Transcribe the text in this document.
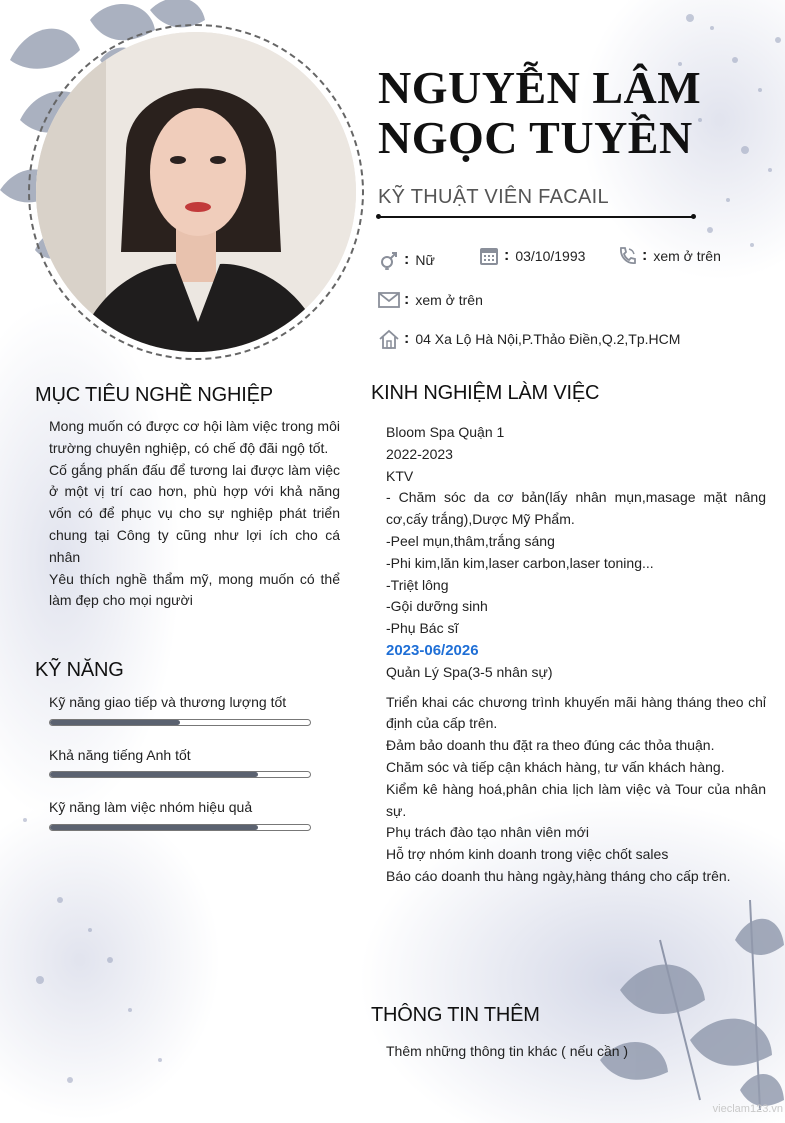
NGUYỄN LÂM
NGỌC TUYỀN
KỸ THUẬT VIÊN FACAIL
: Nữ	: 03/10/1993	: xem ở trên
: xem ở trên
: 04 Xa Lộ Hà Nội,P.Thảo Điền,Q.2,Tp.HCM
MỤC TIÊU NGHỀ NGHIỆP
Mong muốn có được cơ hội làm việc trong môi trường chuyên nghiệp, có chế độ đãi ngộ tốt.
Cố gắng phấn đấu để tương lai được làm việc ở một vị trí cao hơn, phù hợp với khả năng vốn có để phục vụ cho sự nghiệp phát triển chung tại Công ty cũng như lợi ích cho cá nhân
Yêu thích nghề thẩm mỹ, mong muốn có thể làm đẹp cho mọi người
KỸ NĂNG
Kỹ năng giao tiếp và thương lượng tốt
Khả năng tiếng Anh tốt
Kỹ năng làm việc nhóm hiệu quả
KINH NGHIỆM LÀM VIỆC
Bloom Spa Quận 1
2022-2023
KTV
- Chăm sóc da cơ bản(lấy nhân mụn,masage mặt nâng cơ,cấy trắng),Dược Mỹ Phẩm.
-Peel mụn,thâm,trắng sáng
-Phi kim,lăn kim,laser carbon,laser toning...
-Triệt lông
-Gội dưỡng sinh
-Phụ Bác sĩ
2023-06/2026
Quản Lý Spa(3-5 nhân sự)
Triển khai các chương trình khuyến mãi hàng tháng theo chỉ định của cấp trên.
Đảm bảo doanh thu đặt ra theo đúng các thỏa thuận.
Chăm sóc và tiếp cận khách hàng, tư vấn khách hàng.
Kiểm kê hàng hoá,phân chia lịch làm việc và Tour của nhân sự.
Phụ trách đào tạo nhân viên mới
Hỗ trợ nhóm kinh doanh trong việc chốt sales
Báo cáo doanh thu hàng ngày,hàng tháng cho cấp trên.
THÔNG TIN THÊM
Thêm những thông tin khác ( nếu cần )
vieclam123.vn
